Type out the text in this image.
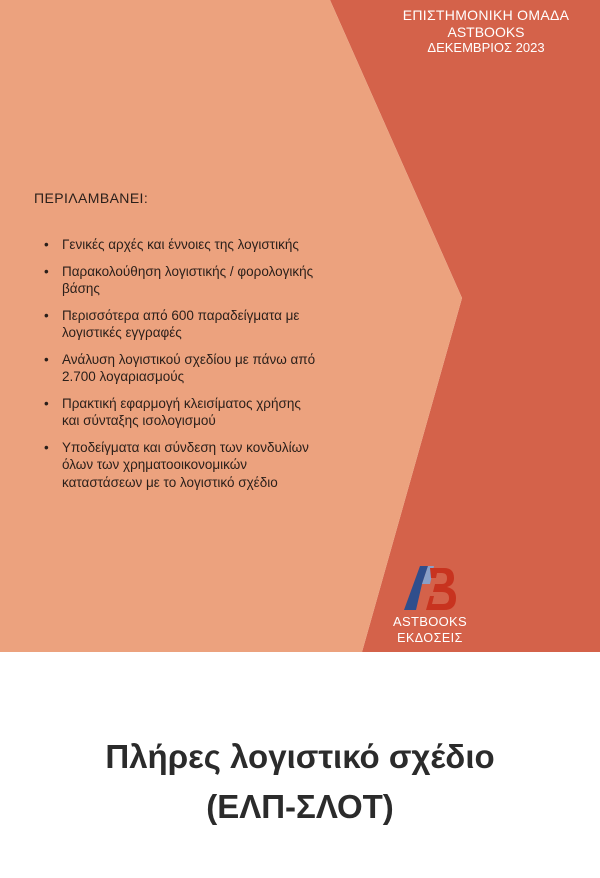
ΕΠΙΣΤΗΜΟΝΙΚΗ ΟΜΑΔΑ
ASTBOOKS
ΔΕΚΕΜΒΡΙΟΣ 2023
ΠΕΡΙΛΑΜΒΑΝΕΙ:
• Γενικές αρχές και έννοιες της λογιστικής
• Παρακολούθηση λογιστικής / φορολογικής
βάσης
• Περισσότερα από 600 παραδείγματα με
λογιστικές εγγραφές
• Ανάλυση λογιστικού σχεδίου με πάνω από
2.700 λογαριασμούς
• Πρακτική εφαρμογή κλεισίματος χρήσης
και σύνταξης ισολογισμού
• Υποδείγματα και σύνδεση των κονδυλίων
όλων των χρηματοοικονομικών
καταστάσεων με το λογιστικό σχέδιο
ASTBOOKS
ΕΚΔΟΣΕΙΣ
Πλήρες λογιστικό σχέδιο
(ΕΛΠ-ΣΛΟΤ)
